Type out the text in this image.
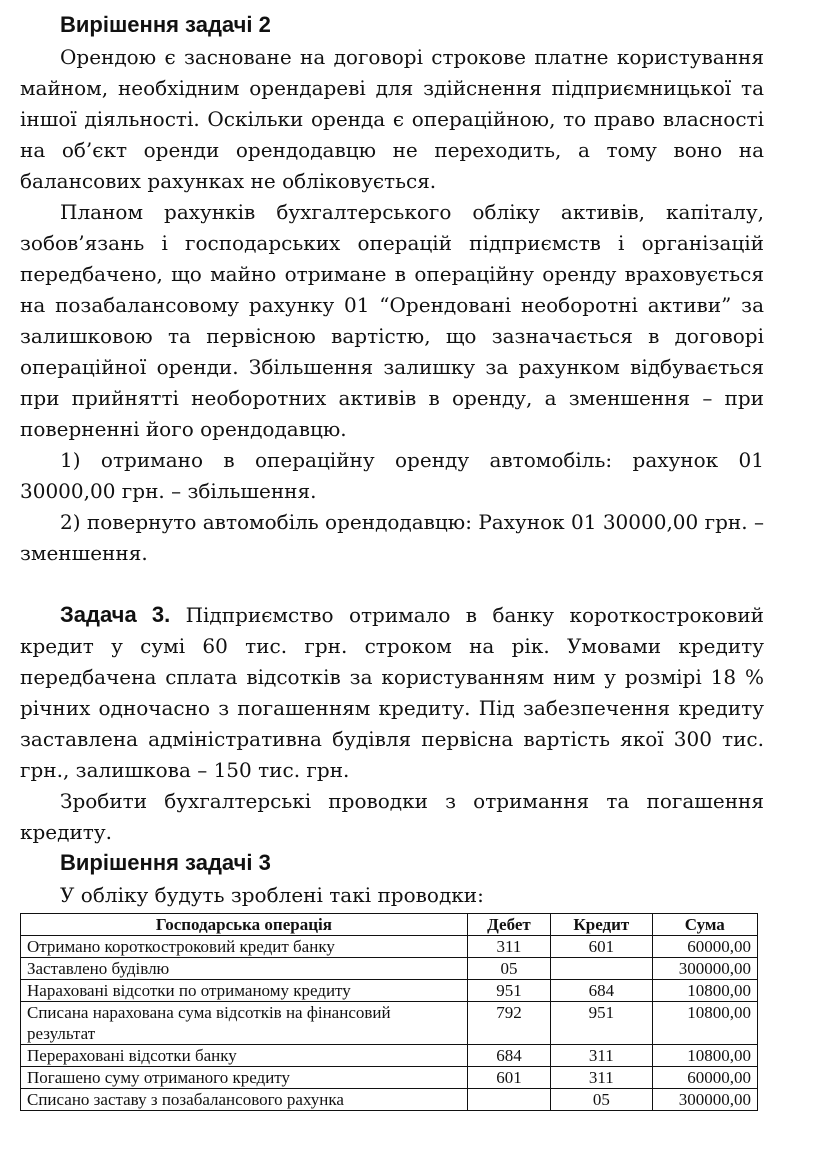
Вирішення задачі 2

Орендою є засноване на договорі строкове платне користування майном, необхідним орендареві для здійснення підприємницької та іншої діяльності. Оскільки оренда є операційною, то право власності на об’єкт оренди орендодавцю не переходить, а тому воно на балансових рахунках не обліковується.

Планом рахунків бухгалтерського обліку активів, капіталу, зобов’язань і господарських операцій підприємств і організацій передбачено, що майно отримане в операційну оренду враховується на позабалансовому рахунку 01 “Орендовані необоротні активи” за залишковою та первісною вартістю, що зазначається в договорі операційної оренди. Збільшення залишку за рахунком відбувається при прийнятті необоротних активів в оренду, а зменшення – при поверненні його орендодавцю.

1) отримано в операційну оренду автомобіль: рахунок 01 30000,00 грн. – збільшення.

2) повернуто автомобіль орендодавцю: Рахунок 01 30000,00 грн. – зменшення.

Задача 3. Підприємство отримало в банку короткостроковий кредит у сумі 60 тис. грн. строком на рік. Умовами кредиту передбачена сплата відсотків за користуванням ним у розмірі 18 % річних одночасно з погашенням кредиту. Під забезпечення кредиту заставлена адміністративна будівля первісна вартість якої 300 тис. грн., залишкова – 150 тис. грн.

Зробити бухгалтерські проводки з отримання та погашення кредиту.

Вирішення задачі 3
У обліку будуть зроблені такі проводки:
Господарська операція	Дебет	Кредит	Сума
Отримано короткостроковий кредит банку	311	601	60000,00
Заставлено будівлю	05		300000,00
Нараховані відсотки по отриманому кредиту	951	684	10800,00
Списана нарахована сума відсотків на фінансовий результат	792	951	10800,00
Перераховані відсотки банку	684	311	10800,00
Погашено суму отриманого кредиту	601	311	60000,00
Списано заставу з позабалансового рахунка		05	300000,00
